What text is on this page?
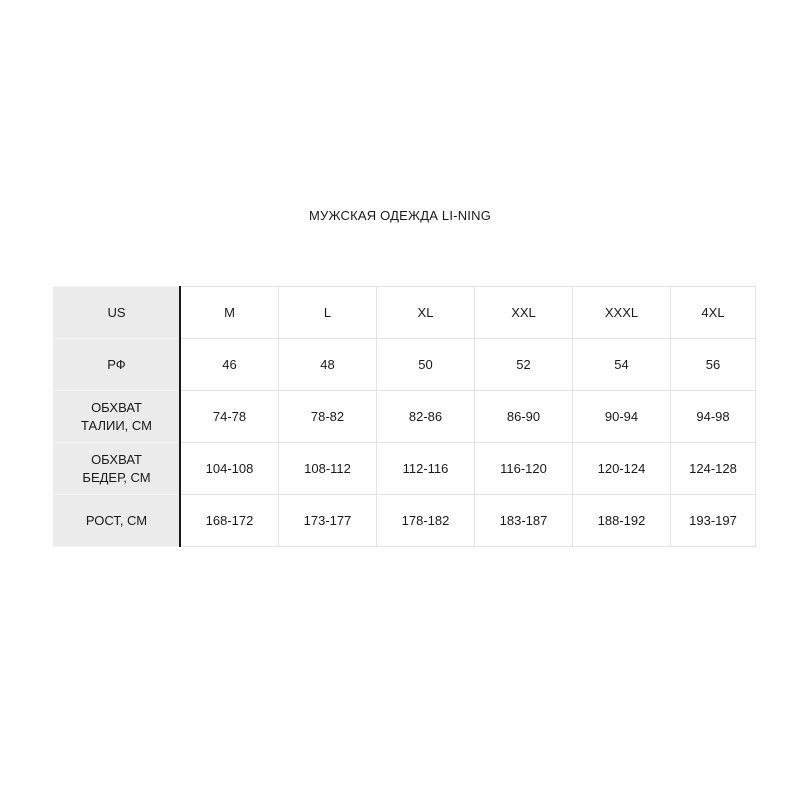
МУЖСКАЯ ОДЕЖДА LI-NING
US	M	L	XL	XXL	XXXL	4XL
РФ	46	48	50	52	54	56
ОБХВАТ
ТАЛИИ, СМ	74-78	78-82	82-86	86-90	90-94	94-98
ОБХВАТ
БЕДЕР, СМ	104-108	108-112	112-116	116-120	120-124	124-128
РОСТ, СМ	168-172	173-177	178-182	183-187	188-192	193-197
